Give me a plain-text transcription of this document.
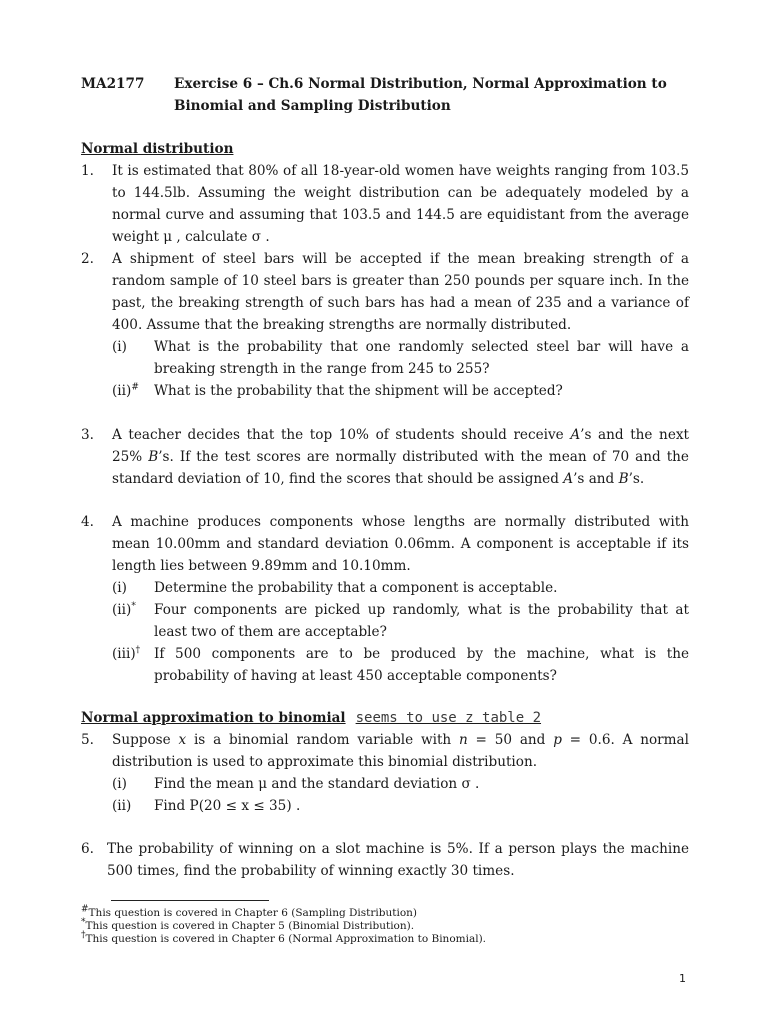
MA2177 Exercise 6 – Ch.6 Normal Distribution, Normal Approximation to Binomial and Sampling Distribution
Normal distribution
1. It is estimated that 80% of all 18-year-old women have weights ranging from 103.5 to 144.5lb. Assuming the weight distribution can be adequately modeled by a normal curve and assuming that 103.5 and 144.5 are equidistant from the average weight μ , calculate σ .
2. A shipment of steel bars will be accepted if the mean breaking strength of a random sample of 10 steel bars is greater than 250 pounds per square inch. In the past, the breaking strength of such bars has had a mean of 235 and a variance of 400. Assume that the breaking strengths are normally distributed.
(i) What is the probability that one randomly selected steel bar will have a breaking strength in the range from 245 to 255?
(ii)# What is the probability that the shipment will be accepted?
3. A teacher decides that the top 10% of students should receive A’s and the next 25% B’s. If the test scores are normally distributed with the mean of 70 and the standard deviation of 10, find the scores that should be assigned A’s and B’s.
4. A machine produces components whose lengths are normally distributed with mean 10.00mm and standard deviation 0.06mm. A component is acceptable if its length lies between 9.89mm and 10.10mm.
(i) Determine the probability that a component is acceptable.
(ii)* Four components are picked up randomly, what is the probability that at least two of them are acceptable?
(iii)† If 500 components are to be produced by the machine, what is the probability of having at least 450 acceptable components?
Normal approximation to binomial seems to use z table 2
5. Suppose x is a binomial random variable with n = 50 and p = 0.6. A normal distribution is used to approximate this binomial distribution.
(i) Find the mean μ and the standard deviation σ .
(ii) Find P(20 ≤ x ≤ 35) .
6. The probability of winning on a slot machine is 5%. If a person plays the machine 500 times, find the probability of winning exactly 30 times.
#This question is covered in Chapter 6 (Sampling Distribution)
*This question is covered in Chapter 5 (Binomial Distribution).
†This question is covered in Chapter 6 (Normal Approximation to Binomial).
1
